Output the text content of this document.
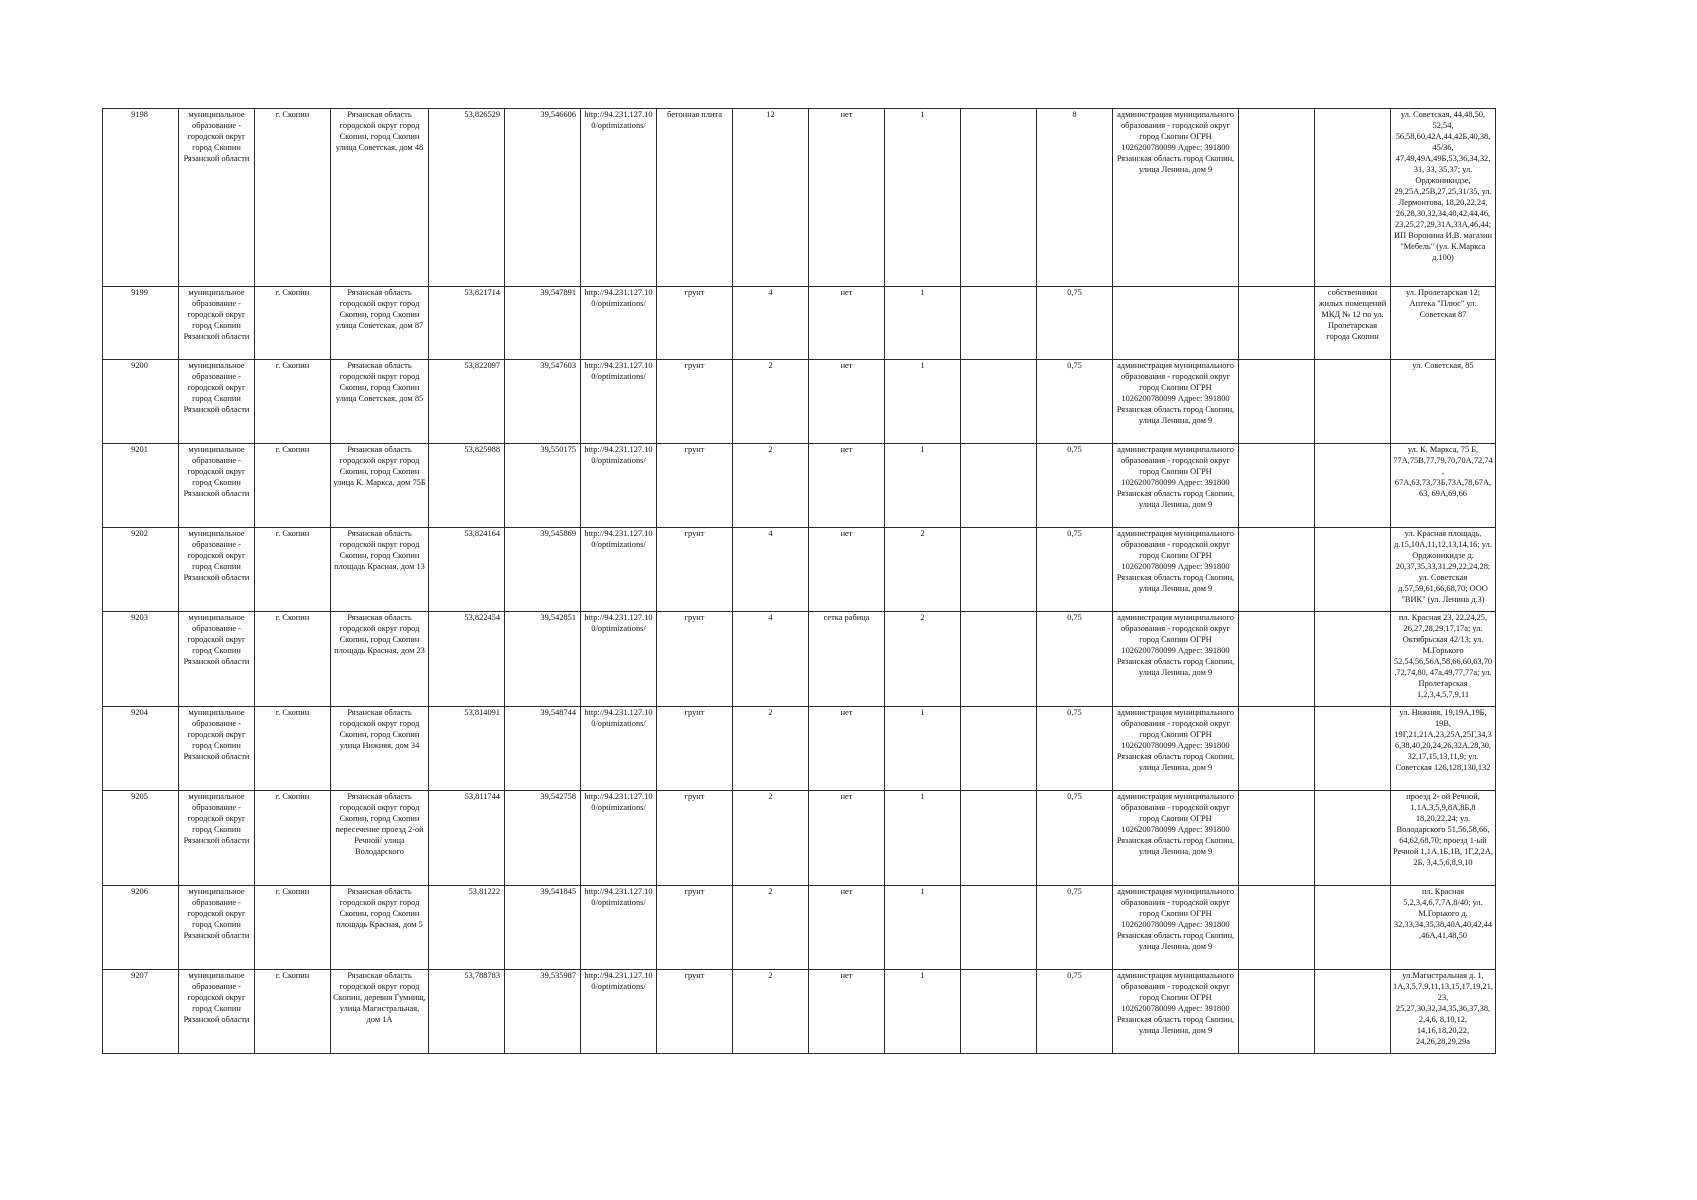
9198	муниципальное образование - городской округ город Скопин Рязанской области	г. Скопин	Рязанская область городской округ город Скопин, город Скопин улица Советская, дом 48	53,826529	39,546606	http://94.231.127.100/optimizations/	бетонная плита	12	нет	1		8	администрация муниципального образования - городской округ город Скопин ОГРН 1026200780099 Адрес: 391800 Рязанская область город Скопин, улица Ленина, дом 9			ул. Советская, 44,48,50, 52,54, 56,58,60,42А,44,42Б,40,38, 45/36, 47,49,49А,49Б,53,36,34,32, 31, 33, 35,37; ул. Орджоникидзе, 29,25А,25В,27,25,31/35, ул. Лермонтова, 18,20,22,24, 26,28,30,32,34,40,42,44,46, 23,25,27,29,31А,33А,46,44; ИП Воронина И.В. магазин "Мебель" (ул. К.Маркса д.100)
9199	муниципальное образование - городской округ город Скопин Рязанской области	г. Скопин	Рязанская область городской округ город Скопин, город Скопин улица Советская, дом 87	53,821714	39,547891	http://94.231.127.100/optimizations/	грунт	4	нет	1		0,75			собственники жилых помещений МКД № 12 по ул. Пролетарская города Скопин	ул. Пролетарская 12; Аптека "Плюс" ул. Советская 87
9200	муниципальное образование - городской округ город Скопин Рязанской области	г. Скопин	Рязанская область городской округ город Скопин, город Скопин улица Советская, дом 85	53,822097	39,547603	http://94.231.127.100/optimizations/	грунт	2	нет	1		0,75	администрация муниципального образования - городской округ город Скопин ОГРН 1026200780099 Адрес: 391800 Рязанская область город Скопин, улица Ленина, дом 9			ул. Советская, 85
9201	муниципальное образование - городской округ город Скопин Рязанской области	г. Скопин	Рязанская область городской округ город Скопин, город Скопин улица К. Маркса, дом 75Б	53,825988	39,550175	http://94.231.127.100/optimizations/	грунт	2	нет	1		0,75	администрация муниципального образования - городской округ город Скопин ОГРН 1026200780099 Адрес: 391800 Рязанская область город Скопин, улица Ленина, дом 9			ул. К. Маркса, 75 Б, 77А,75В,77,79,70,70А,72,74, 67А,63,73,73Б,73А,78,67А,63, 69А,69,66
9202	муниципальное образование - городской округ город Скопин Рязанской области	г. Скопин	Рязанская область городской округ город Скопин, город Скопин площадь Красная, дом 13	53,824164	39,545869	http://94.231.127.100/optimizations/	грунт	4	нет	2		0,75	администрация муниципального образования - городской округ город Скопин ОГРН 1026200780099 Адрес: 391800 Рязанская область город Скопин, улица Ленина, дом 9			ул. Красная площадь, д.15,10А,11,12,13,14,16; ул. Орджоникидзе д. 20,37,35,33,31,29,22,24,28; ул. Советская д.57,59,61,66,68,70; ООО "ВИК" (ул. Ленина д.3)
9203	муниципальное образование - городской округ город Скопин Рязанской области	г. Скопин	Рязанская область городской округ город Скопин, город Скопин площадь Красная, дом 23	53,822454	39,542851	http://94.231.127.100/optimizations/	грунт	4	сетка рабица	2		0,75	администрация муниципального образования - городской округ город Скопин ОГРН 1026200780099 Адрес: 391800 Рязанская область город Скопин, улица Ленина, дом 9			пл. Красная 23, 22,24,25, 26,27,28,29,17,17а; ул. Октябрьская 42/13; ул. М.Горького 52,54,56,56А,58,66,60,63,70,72,74,80, 47а,49,77,77а; ул. Пролетарская 1,2,3,4,5,7,9,11
9204	муниципальное образование - городской округ город Скопин Рязанской области	г. Скопин	Рязанская область городской округ город Скопин, город Скопин улица Нижняя, дом 34	53,814091	39,548744	http://94.231.127.100/optimizations/	грунт	2	нет	1		0,75	администрация муниципального образования - городской округ город Скопин ОГРН 1026200780099 Адрес: 391800 Рязанская область город Скопин, улица Ленина, дом 9			ул. Нижняя, 19,19А,19Б, 19В, 19Г,21,21А,23,25А,25Г,34,36,38,40,20,24,26,32А,28,30,32,17,15,13,11,9; ул. Советская 126,128,130,132
9205	муниципальное образование - городской округ город Скопин Рязанской области	г. Скопин	Рязанская область городской округ город Скопин, город Скопин пересечение проезд 2-ой Речной/ улица Володарского	53,811744	39,542758	http://94.231.127.100/optimizations/	грунт	2	нет	1		0,75	администрация муниципального образования - городской округ город Скопин ОГРН 1026200780099 Адрес: 391800 Рязанская область город Скопин, улица Ленина, дом 9			проезд 2- ой Речной, 1,1А,3,5,9,8А,8Б,8 18,20,22,24; ул. Володарского 51,56,58,66, 64,62,68,70; проезд 1-ый Речной 1,1А,1Б,1В, 1Г,2,2А, 2Б, 3,4,5,6,8,9,10
9206	муниципальное образование - городской округ город Скопин Рязанской области	г. Скопин	Рязанская область городской округ город Скопин, город Скопин площадь Красная, дом 5	53,81222	39,541845	http://94.231.127.100/optimizations/	грунт	2	нет	1		0,75	администрация муниципального образования - городской округ город Скопин ОГРН 1026200780099 Адрес: 391800 Рязанская область город Скопин, улица Ленина, дом 9			пл. Красная 5,2,3,4,6,7,7А,8/40; ул. М.Горького д. 32,33,34,35,38,40А,40,42,44,46А,41,48,50
9207	муниципальное образование - городской округ город Скопин Рязанской области	г. Скопин	Рязанская область городской округ город Скопин, деревня Гумнищ, улица Магистральная, дом 1А	53,788783	39,535987	http://94.231.127.100/optimizations/	грунт	2	нет	1		0,75	администрация муниципального образования - городской округ город Скопин ОГРН 1026200780099 Адрес: 391800 Рязанская область город Скопин, улица Ленина, дом 9			ул.Магистральная д. 1, 1А,3,5,7,9,11,13,15,17,19,21,23, 25,27,30,32,34,35,36,37,38, 2,4,6, 8,10,12, 14,16,18,20,22, 24,26,28,29,29а
